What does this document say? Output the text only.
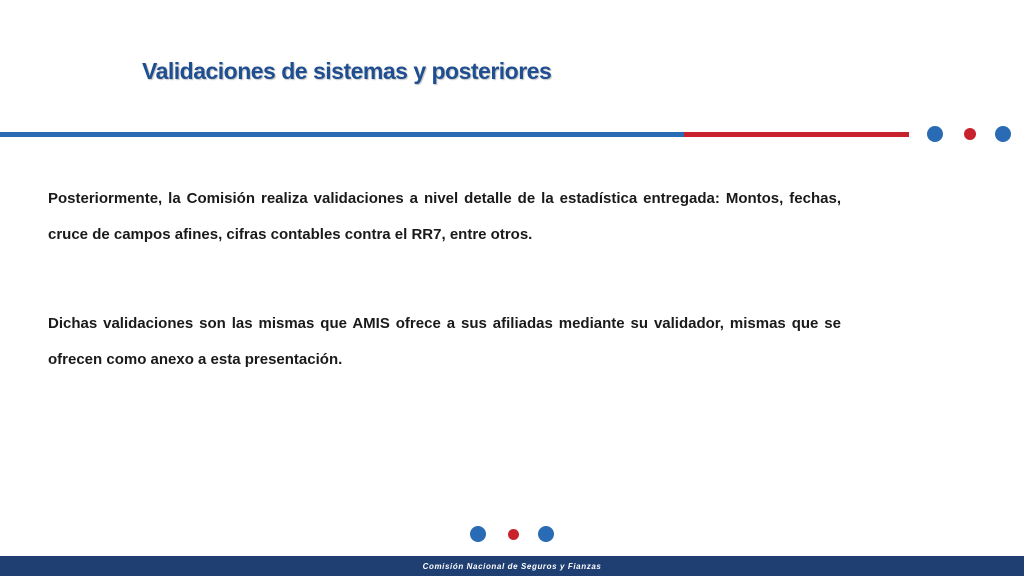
Validaciones de sistemas y posteriores
Posteriormente, la Comisión realiza validaciones a nivel detalle de la estadística entregada: Montos, fechas, cruce de campos afines, cifras contables contra el RR7, entre otros.
Dichas validaciones son las mismas que AMIS ofrece a sus afiliadas mediante su validador, mismas que se ofrecen como anexo a esta presentación.
Comisión Nacional de Seguros y Fianzas
